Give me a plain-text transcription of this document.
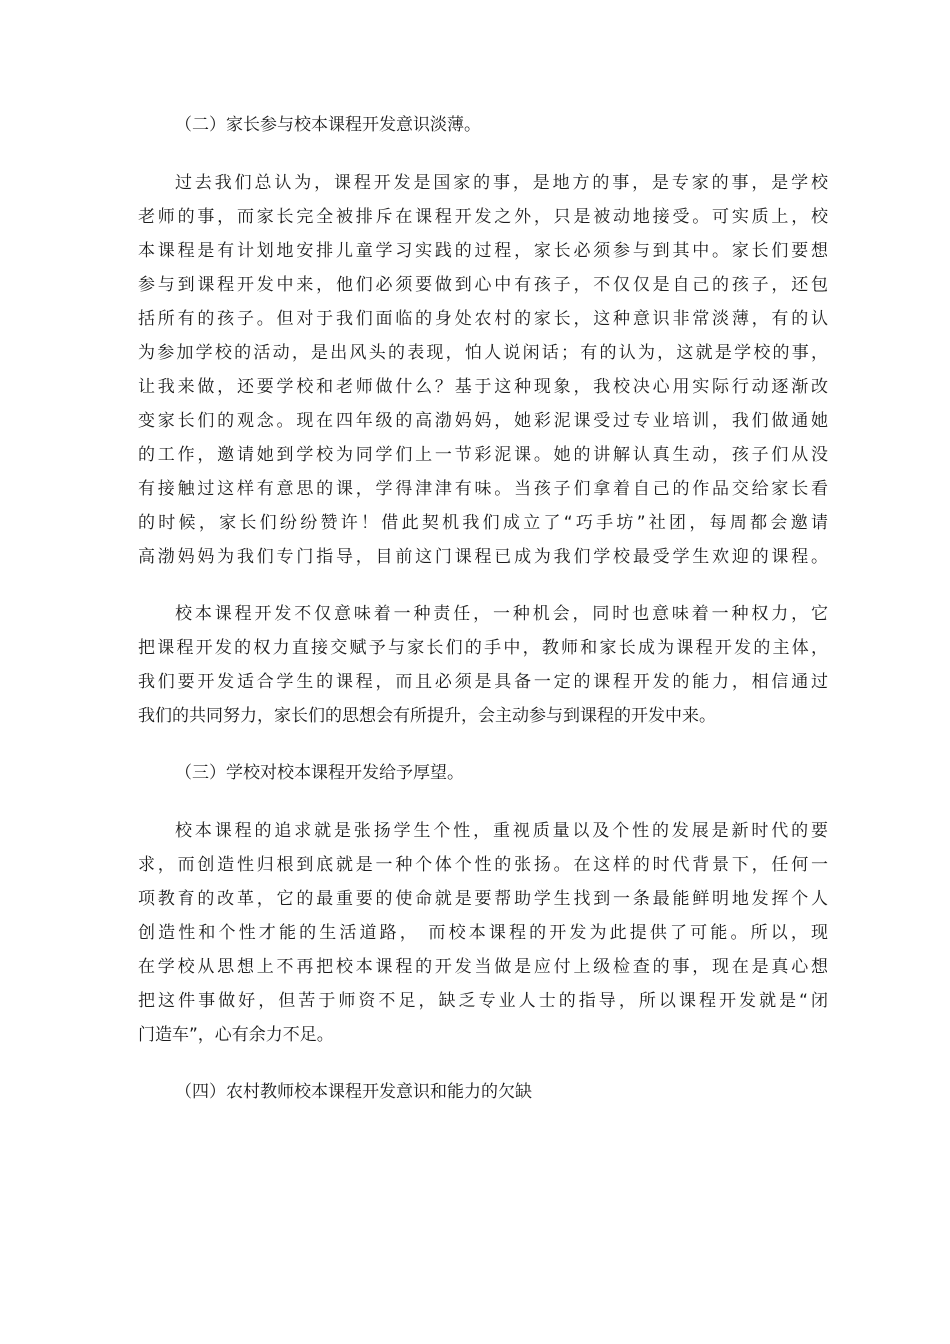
（二）家长参与校本课程开发意识淡薄。
过去我们总认为，课程开发是国家的事，是地方的事，是专家的事，是学校
老师的事，而家长完全被排斥在课程开发之外，只是被动地接受。可实质上，校
本课程是有计划地安排儿童学习实践的过程，家长必须参与到其中。家长们要想
参与到课程开发中来，他们必须要做到心中有孩子，不仅仅是自己的孩子，还包
括所有的孩子。但对于我们面临的身处农村的家长，这种意识非常淡薄，有的认
为参加学校的活动，是出风头的表现，怕人说闲话；有的认为，这就是学校的事，
让我来做，还要学校和老师做什么？基于这种现象，我校决心用实际行动逐渐改
变家长们的观念。现在四年级的高渤妈妈，她彩泥课受过专业培训，我们做通她
的工作，邀请她到学校为同学们上一节彩泥课。她的讲解认真生动，孩子们从没
有接触过这样有意思的课，学得津津有味。当孩子们拿着自己的作品交给家长看
的时候，家长们纷纷赞许！借此契机我们成立了“巧手坊”社团，每周都会邀请
高渤妈妈为我们专门指导，目前这门课程已成为我们学校最受学生欢迎的课程。
校本课程开发不仅意味着一种责任，一种机会，同时也意味着一种权力，它
把课程开发的权力直接交赋予与家长们的手中，教师和家长成为课程开发的主体，
我们要开发适合学生的课程，而且必须是具备一定的课程开发的能力，相信通过
我们的共同努力，家长们的思想会有所提升，会主动参与到课程的开发中来。
（三）学校对校本课程开发给予厚望。
校本课程的追求就是张扬学生个性，重视质量以及个性的发展是新时代的要
求，而创造性归根到底就是一种个体个性的张扬。在这样的时代背景下，任何一
项教育的改革，它的最重要的使命就是要帮助学生找到一条最能鲜明地发挥个人
创造性和个性才能的生活道路， 而校本课程的开发为此提供了可能。所以，现
在学校从思想上不再把校本课程的开发当做是应付上级检查的事，现在是真心想
把这件事做好，但苦于师资不足，缺乏专业人士的指导，所以课程开发就是“闭
门造车”，心有余力不足。
（四）农村教师校本课程开发意识和能力的欠缺
